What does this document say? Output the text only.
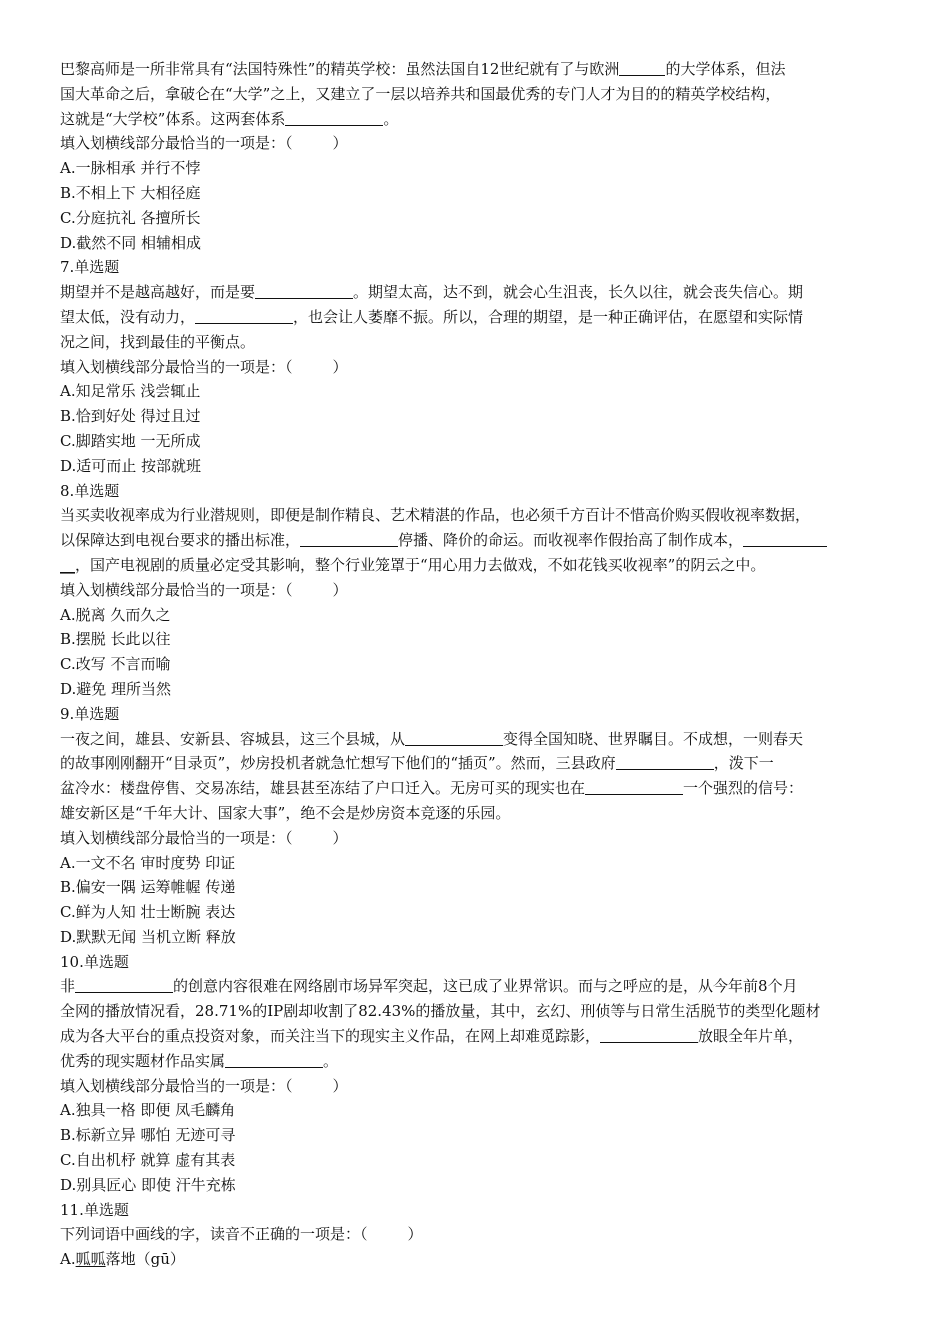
巴黎高师是一所非常具有“法国特殊性”的精英学校：虽然法国自12世纪就有了与欧洲	的大学体系，但法
国大革命之后，拿破仑在“大学”之上，又建立了一层以培养共和国最优秀的专门人才为目的的精英学校结构，
这就是“大学校”体系。这两套体系	。
填入划横线部分最恰当的一项是：（	）
A.一脉相承 并行不悖
B.不相上下 大相径庭
C.分庭抗礼 各擅所长
D.截然不同 相辅相成
7.单选题
期望并不是越高越好，而是要	。期望太高，达不到，就会心生沮丧，长久以往，就会丧失信心。期
望太低，没有动力，	，也会让人萎靡不振。所以，合理的期望，是一种正确评估，在愿望和实际情
况之间，找到最佳的平衡点。
填入划横线部分最恰当的一项是：（	）
A.知足常乐 浅尝辄止
B.恰到好处 得过且过
C.脚踏实地 一无所成
D.适可而止 按部就班
8.单选题
当买卖收视率成为行业潜规则，即便是制作精良、艺术精湛的作品，也必须千方百计不惜高价购买假收视率数据，
以保障达到电视台要求的播出标准，	停播、降价的命运。而收视率作假抬高了制作成本，
__，国产电视剧的质量必定受其影响，整个行业笼罩于“用心用力去做戏，不如花钱买收视率”的阴云之中。
填入划横线部分最恰当的一项是：（	）
A.脱离 久而久之
B.摆脱 长此以往
C.改写 不言而喻
D.避免 理所当然
9.单选题
一夜之间，雄县、安新县、容城县，这三个县城，从	变得全国知晓、世界瞩目。不成想，一则春天
的故事刚刚翻开“目录页”，炒房投机者就急忙想写下他们的“插页”。然而，三县政府	，泼下一
盆冷水：楼盘停售、交易冻结，雄县甚至冻结了户口迁入。无房可买的现实也在	一个强烈的信号：
雄安新区是“千年大计、国家大事”，绝不会是炒房资本竞逐的乐园。
填入划横线部分最恰当的一项是：（	）
A.一文不名 审时度势 印证
B.偏安一隅 运筹帷幄 传递
C.鲜为人知 壮士断腕 表达
D.默默无闻 当机立断 释放
10.单选题
非	的创意内容很难在网络剧市场异军突起，这已成了业界常识。而与之呼应的是，从今年前8个月
全网的播放情况看，28.71%的IP剧却收割了82.43%的播放量，其中，玄幻、刑侦等与日常生活脱节的类型化题材
成为各大平台的重点投资对象，而关注当下的现实主义作品，在网上却难觅踪影，	放眼全年片单，
优秀的现实题材作品实属	。
填入划横线部分最恰当的一项是：（	）
A.独具一格 即便 凤毛麟角
B.标新立异 哪怕 无迹可寻
C.自出机杼 就算 虚有其表
D.别具匠心 即使 汗牛充栋
11.单选题
下列词语中画线的字，读音不正确的一项是：（	）
A.呱呱落地（gū）
